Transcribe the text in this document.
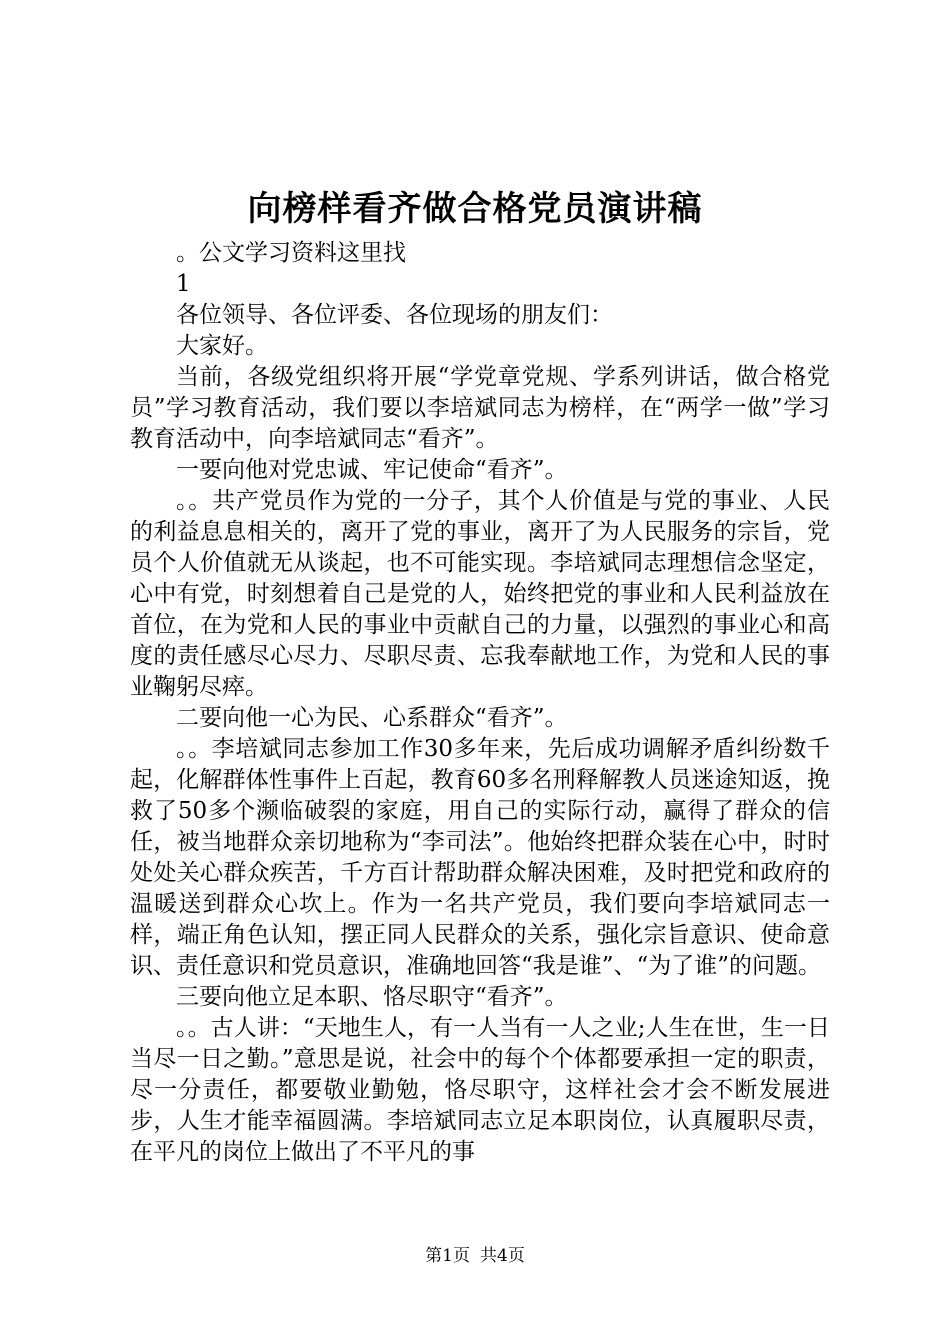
向榜样看齐做合格党员演讲稿

。公文学习资料这里找

1

各位领导、各位评委、各位现场的朋友们：

大家好。

当前，各级党组织将开展“学党章党规、学系列讲话，做合格党员”学习教育活动，我们要以李培斌同志为榜样，在“两学一做”学习教育活动中，向李培斌同志“看齐”。

一要向他对党忠诚、牢记使命“看齐”。

。。共产党员作为党的一分子，其个人价值是与党的事业、人民的利益息息相关的，离开了党的事业，离开了为人民服务的宗旨，党员个人价值就无从谈起，也不可能实现。李培斌同志理想信念坚定，心中有党，时刻想着自己是党的人，始终把党的事业和人民利益放在首位，在为党和人民的事业中贡献自己的力量，以强烈的事业心和高度的责任感尽心尽力、尽职尽责、忘我奉献地工作，为党和人民的事业鞠躬尽瘁。

二要向他一心为民、心系群众“看齐”。

。。李培斌同志参加工作30多年来，先后成功调解矛盾纠纷数千起，化解群体性事件上百起，教育60多名刑释解教人员迷途知返，挽救了50多个濒临破裂的家庭，用自己的实际行动，赢得了群众的信任，被当地群众亲切地称为“李司法”。他始终把群众装在心中，时时处处关心群众疾苦，千方百计帮助群众解决困难，及时把党和政府的温暖送到群众心坎上。作为一名共产党员，我们要向李培斌同志一样，端正角色认知，摆正同人民群众的关系，强化宗旨意识、使命意识、责任意识和党员意识，准确地回答“我是谁”、“为了谁”的问题。

三要向他立足本职、恪尽职守“看齐”。

。。古人讲：“天地生人，有一人当有一人之业;人生在世，生一日当尽一日之勤。”意思是说，社会中的每个个体都要承担一定的职责，尽一分责任，都要敬业勤勉，恪尽职守，这样社会才会不断发展进步，人生才能幸福圆满。李培斌同志立足本职岗位，认真履职尽责，在平凡的岗位上做出了不平凡的事

第1页 共4页
